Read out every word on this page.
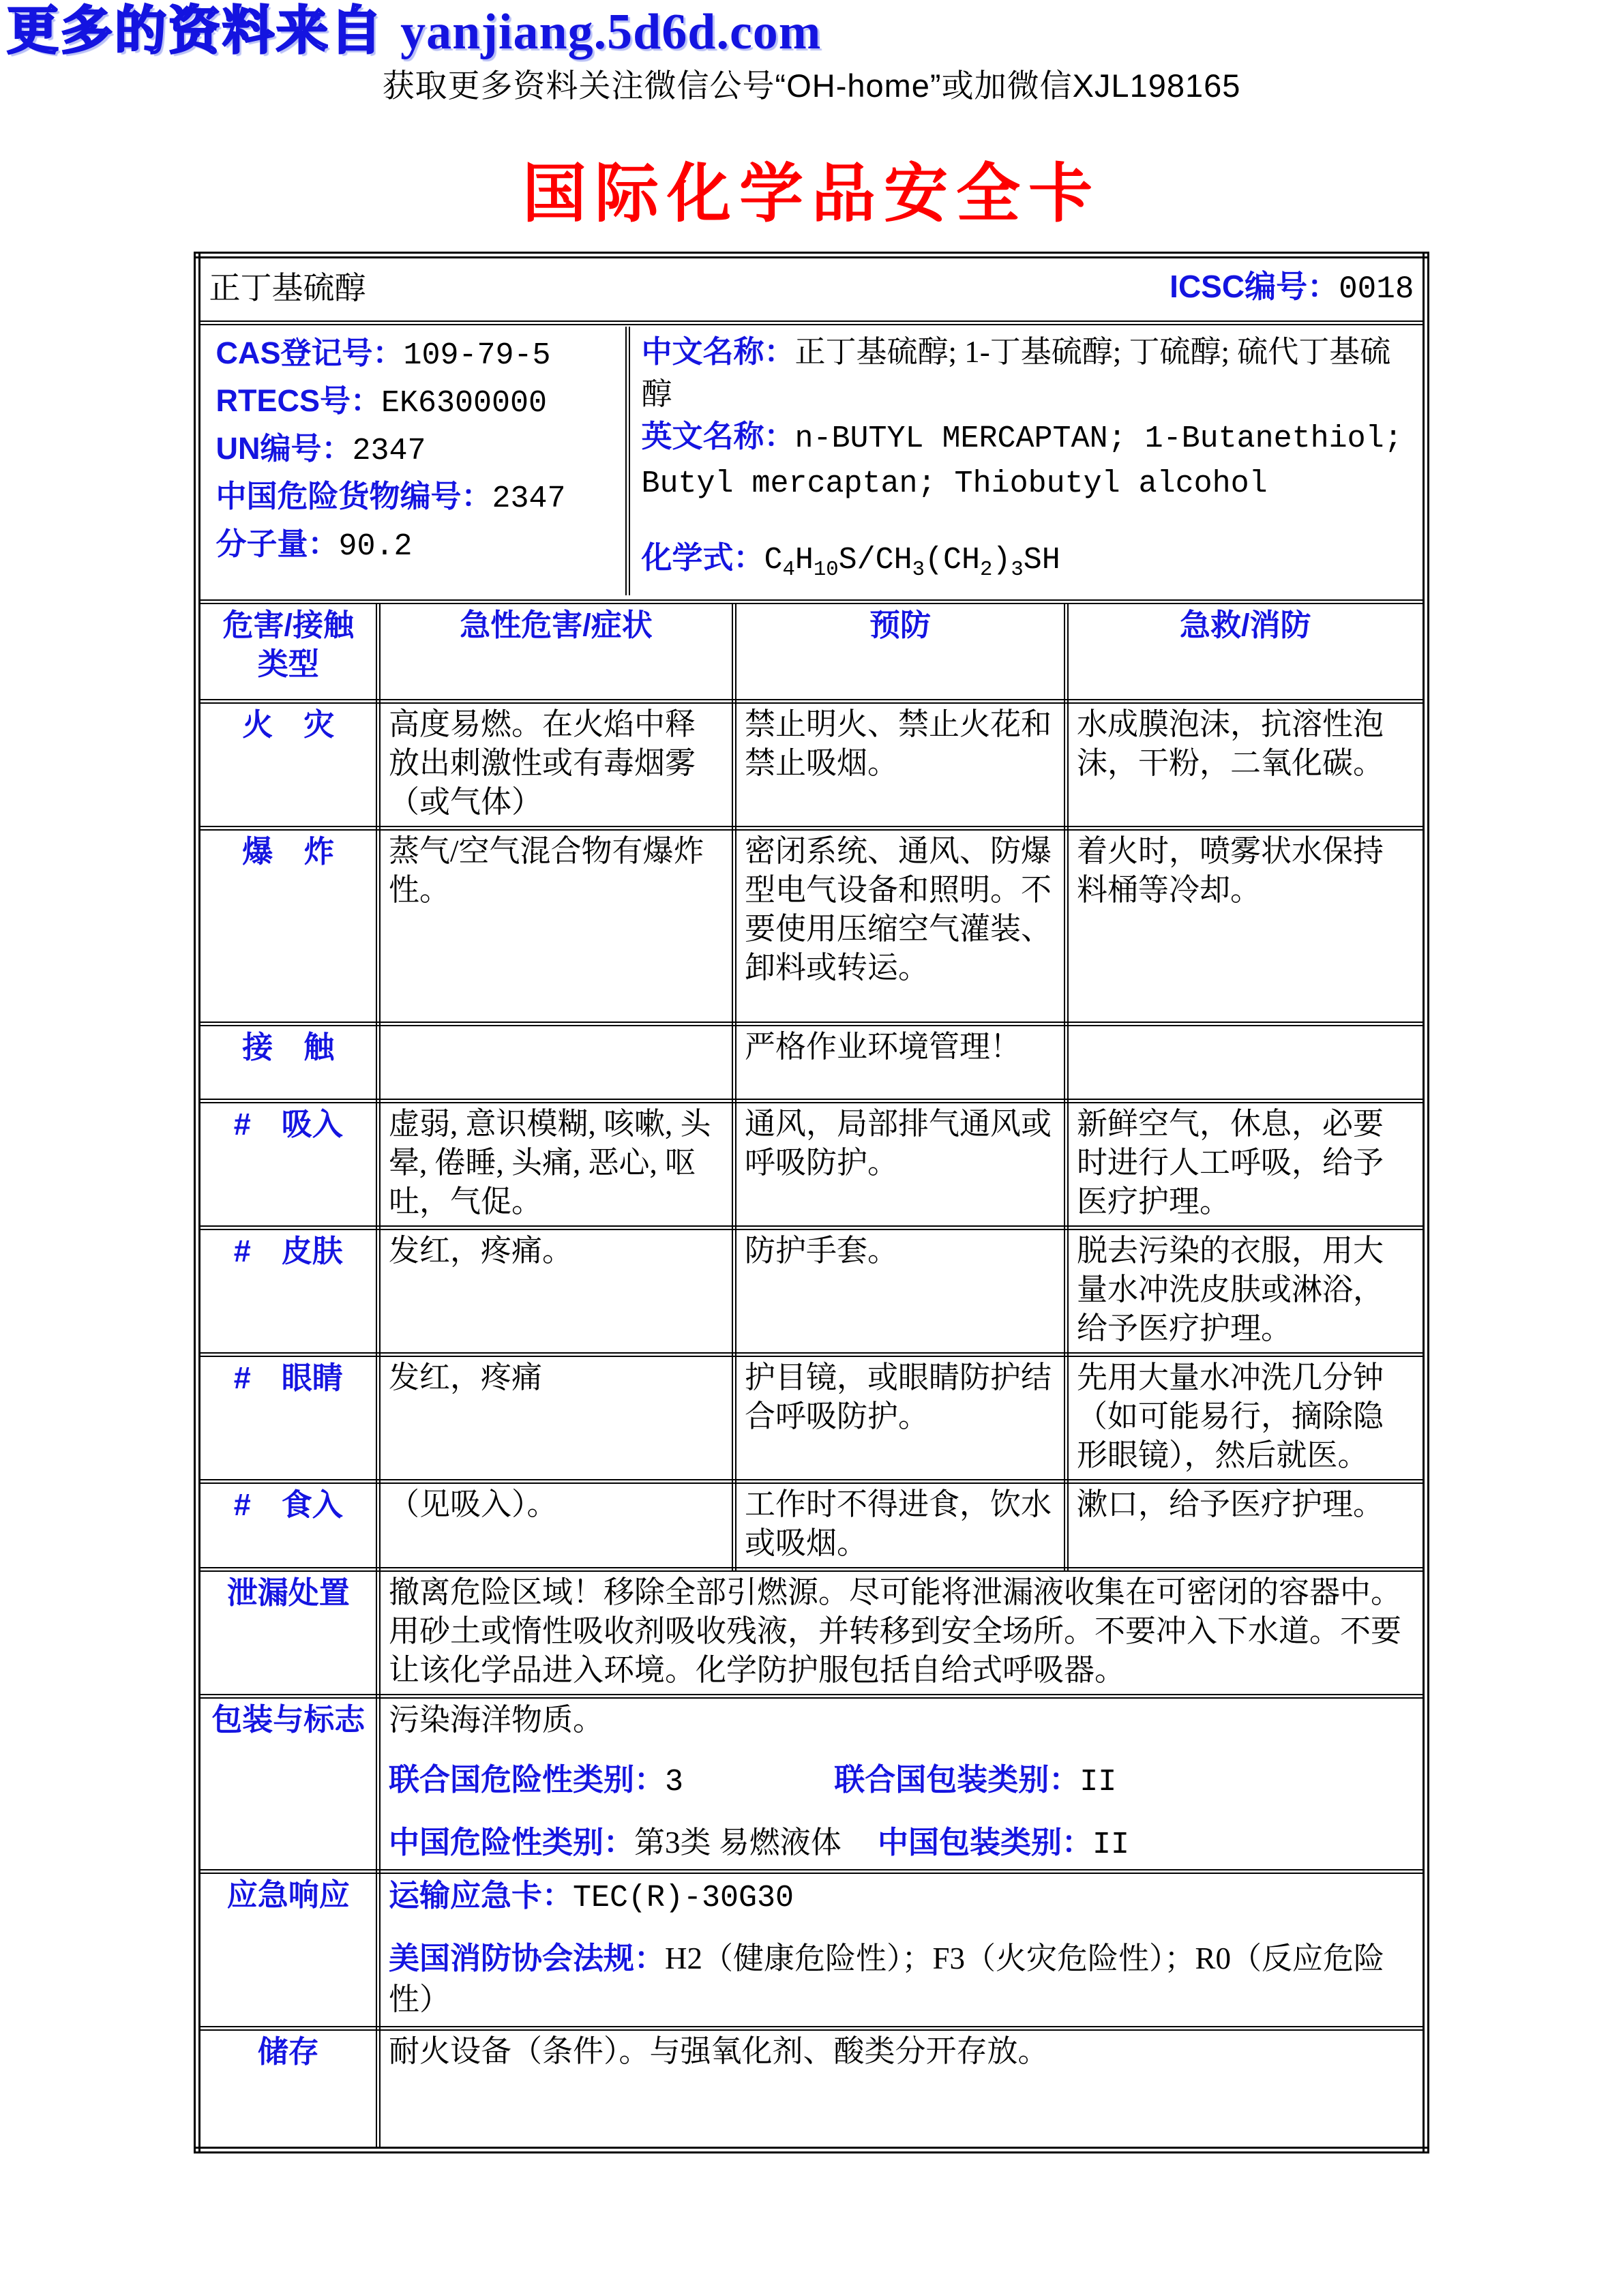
更多的资料来自 yanjiang.5d6d.com
获取更多资料关注微信公号“OH-home”或加微信XJL198165
国际化学品安全卡
正丁基硫醇 ICSC编号：0018			

CAS登记号：109-79-5
RTECS号：EK6300000
UN编号：2347
中国危险货物编号：2347
分子量：90.2

中文名称：正丁基硫醇; 1-丁基硫醇; 丁硫醇; 硫代丁基硫醇

英文名称：n-BUTYL MERCAPTAN; 1-Butanethiol; Butyl mercaptan; Thiobutyl alcohol

化学式：$C_4H_{10}S/CH_3(CH_2)_3SH$

危害/接触
类型	急性危害/症状	预防	急救/消防
火　灾	高度易燃。在火焰中释放出刺激性或有毒烟雾（或气体）	禁止明火、禁止火花和禁止吸烟。	水成膜泡沫，抗溶性泡沫，干粉，二氧化碳。
爆　炸	蒸气/空气混合物有爆炸性。	密闭系统、通风、防爆型电气设备和照明。不要使用压缩空气灌装、卸料或转运。	着火时，喷雾状水保持料桶等冷却。
接　触		严格作业环境管理！	
#　吸入	虚弱, 意识模糊, 咳嗽, 头晕, 倦睡, 头痛, 恶心, 呕吐，气促。	通风，局部排气通风或呼吸防护。	新鲜空气，休息，必要时进行人工呼吸，给予医疗护理。
#　皮肤	发红，疼痛。	防护手套。	脱去污染的衣服，用大量水冲洗皮肤或淋浴，给予医疗护理。
#　眼睛	发红，疼痛	护目镜，或眼睛防护结合呼吸防护。	先用大量水冲洗几分钟（如可能易行，摘除隐形眼镜），然后就医。
#　食入	（见吸入）。	工作时不得进食，饮水或吸烟。	漱口，给予医疗护理。
泄漏处置	撤离危险区域！移除全部引燃源。尽可能将泄漏液收集在可密闭的容器中。用砂土或惰性吸收剂吸收残液，并转移到安全场所。不要冲入下水道。不要让该化学品进入环境。化学防护服包括自给式呼吸器。		
包装与标志	污染海洋物质。

联合国危险性类别：3 联合国包装类别：II

中国危险性类别：第3类 易燃液体 中国包装类别：II		

应急响应	运输应急卡：TEC(R)-30G30

美国消防协会法规：H2（健康危险性）；F3（火灾危险性）；R0（反应危险性）		

储存	耐火设备（条件）。与强氧化剂、酸类分开存放。		
